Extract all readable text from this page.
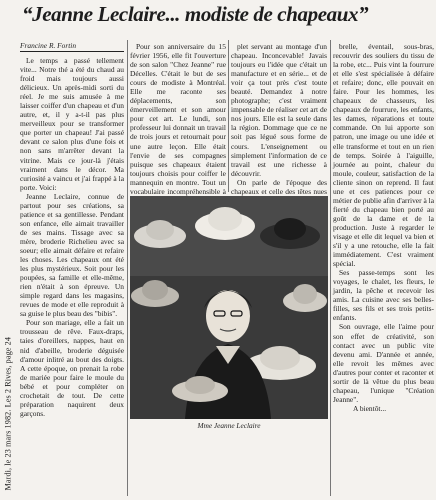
Mardi, le 23 mars 1982. Les 2 Rives, page 24
“Jeanne Leclaire... modiste de chapeaux”
Francine R. Fortin

Le temps a passé tellement vite... Notre thé a été du chaud au froid mais toujours aussi délicieux. Un après-midi sorti du réel. Je me suis amusée à me laisser coiffer d'un chapeau et d'un autre, et, il y a-t-il pas plus merveilleux pour se transformer que porter un chapeau! J'ai passé devant ce salon plus d'une fois et non sans m'arrêter devant la vitrine. Mais ce jour-là j'étais vraiment dans le décor. Ma curiosité a vaincu et j'ai frappé à la porte. Voici:

Jeanne Leclaire, connue de partout pour ses créations, sa patience et sa gentillesse. Pendant son enfance, elle aimait travailler de ses mains. Tissage avec sa mère, broderie Richelieu avec sa soeur; elle aimait défaire et refaire les choses. Les chapeaux ont été les plus mystérieux. Soit pour les poupées, sa famille et elle-même, rien n'était à son épreuve. Un simple regard dans les magasins, revues de mode et elle reproduit à sa guise le plus beau des "bibis".

Pour son mariage, elle a fait un trousseau de rêve. Faux-draps, taies d'oreillers, nappes, haut en nid d'abeille, broderie déguisée d'amour inlitré au bout des doigts. A cette époque, on prenait la robe de mariée pour faire le moule du bébé et pour compléter on crochetait de tout. De cette préparation naquirent deux garçons.

Pour son anniversaire du 15 février 1956, elle fit l'ouverture de son salon "Chez Jeanne" rue Décelles. C'était le but de ses cours de modiste à Montréal. Elle me raconte ses déplacements, son émerveillement et son amour pour cet art. Le lundi, son professeur lui donnait un travail de trois jours et retournait pour une autre leçon. Elle était l'envie de ses compagnes puisque ses chapeaux étaient toujours choisis pour coiffer le mannequin en montre. Tout un vocabulaire incompréhensible à

plet servant au montage d'un chapeau. Inconcevable! Javais toujours eu l'idée que c'était un manufacture et en série... et de voir ça tout près c'est toute beauté. Demandez à notre photographe; c'est vraiment impensable de réaliser cet art de nos jours. Elle est la seule dans la région. Dommage que ce ne soit pas légué sous forme de cours. L'enseignement ou simplement l'information de ce travail est une richesse à découvrir.

On parle de l'époque des chapeaux et celle des têtes nues

Mme Jeanne Leclaire

brelle, éventail, sous-bras, recouvrir des souliers du tissu de la robe, etc... Puis vint la fourrure et elle s'est spécialisée à défaire et refaire; donc, elle pouvait en faire. Pour les hommes, les chapeaux de chasseurs, les chapeaux de fourrure, les enfants, les dames, réparations et toute commande. On lui apporte son patron, une image ou une idée et elle transforme et tout en un rien de temps. Soirée à l'aiguille, journée au point, chaleur du moule, couleur, satisfaction de la cliente sinon on reprend. Il faut une et ces patiences pour ce métier de publie afin d'arriver à la fierté du chapeau bien porté au goût de la dame et de la production. Juste à regarder le visage et elle dit lequel va bien et s'il y a une retouche, elle la fait immédiatement. C'est vraiment spécial.

Ses passe-temps sont les voyages, le chalet, les fleurs, le jardin, la pêche et recevoir les amis. La cuisine avec ses belles-filles, ses fils et ses trois petits-enfants.

Son ouvrage, elle l'aime pour son effet de créativité, son contact avec un public vite devenu ami. D'année et année, elle revoit les mêmes avec d'autres pour conter et raconter et sortir de là vêtue du plus beau chapeau, l'unique "Création Jeanne".

A bientôt...
